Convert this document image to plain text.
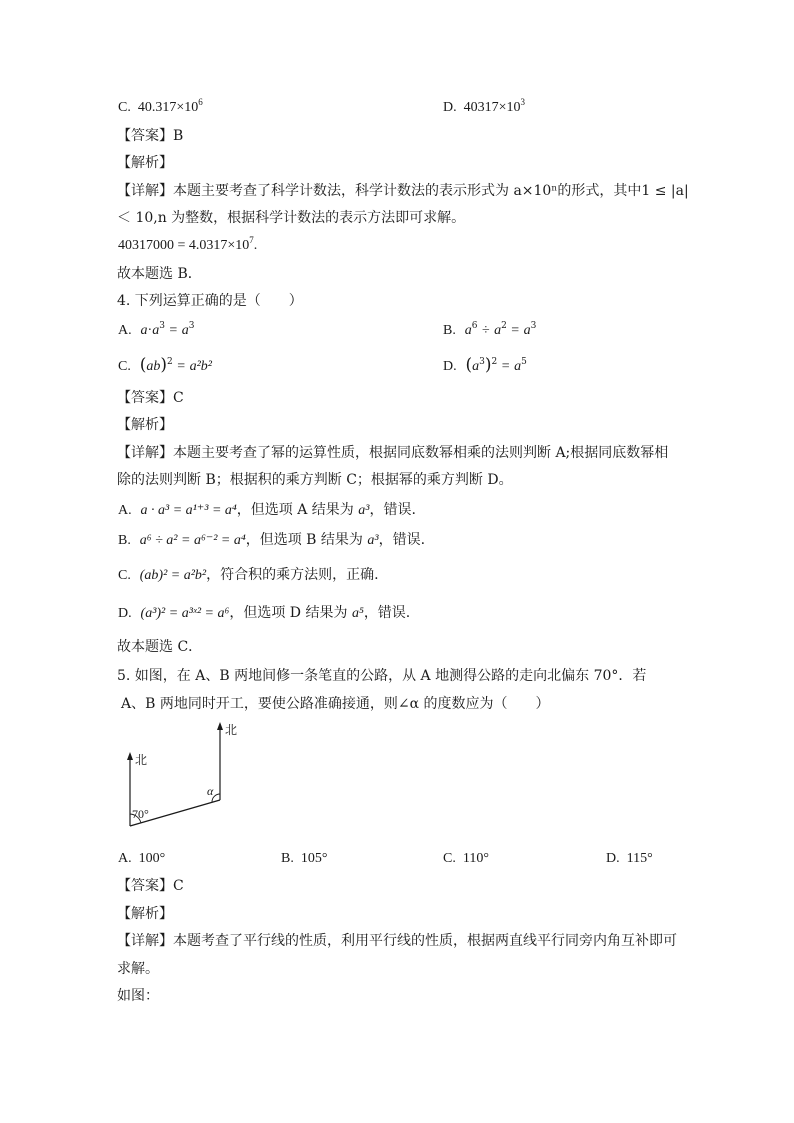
C. $40.317\times 10^6$	D. $40317\times 10^3$
【答案】B
【解析】
【详解】本题主要考查了科学计数法，科学计数法的表示形式为 a×10ⁿ的形式，其中1 ≤ |a|
＜ 10,n 为整数，根据科学计数法的表示方法即可求解。
$40317000 = 4.0317\times 10^7$.
故本题选 B．
4. 下列运算正确的是（　　）
A. $a\cdot a^3 = a^3$	B. $a^6 \div a^2 = a^3$
C. (ab)$^2$ = a²b²	D. $(a^3)^2 = a^5$
【答案】C
【解析】
【详解】本题主要考查了幂的运算性质，根据同底数幂相乘的法则判断 A;根据同底数幂相
除的法则判断 B；根据积的乘方判断 C；根据幂的乘方判断 D。
A. a · a³ = a¹⁺³ = a⁴，但选项 A 结果为 a³，错误.
B. a⁶ ÷ a² = a⁶⁻² = a⁴，但选项 B 结果为 a³，错误.
C. (ab)² = a²b²，符合积的乘方法则，正确.
D. (a³)² = a³ˣ² = a⁶，但选项 D 结果为 a⁵，错误.
故本题选 C．
5. 如图，在 A、B 两地间修一条笔直的公路，从 A 地测得公路的走向北偏东 70°．若
A、B 两地同时开工，要使公路准确接通，则∠α 的度数应为（　　）
北
北
70°
α
A. 100°	B. 105°	C. 110°	D. 115°
【答案】C
【解析】
【详解】本题考查了平行线的性质，利用平行线的性质，根据两直线平行同旁内角互补即可
求解。
如图：
